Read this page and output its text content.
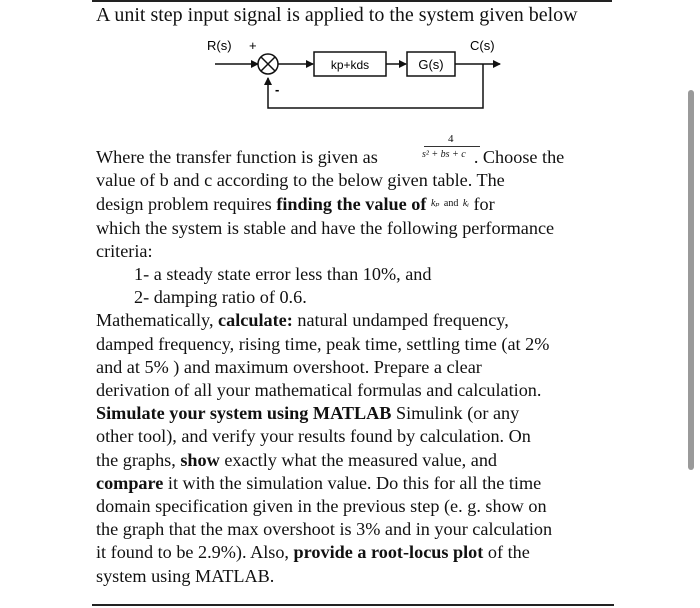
A unit step input signal is applied to the system given below
R(s) +
kp+kds	G(s)
C(s)
-
4
s² + bs + c

Where the transfer function is given as	. Choose the

value of b and c according to the below given table. The

design problem requires finding the value of $^{k_p}$ $^{and}$ $^{kᵢ}$ for

which the system is stable and have the following performance

criteria:

1- a steady state error less than 10%, and

2- damping ratio of 0.6.

Mathematically, calculate: natural undamped frequency,

damped frequency, rising time, peak time, settling time (at 2%

and at 5% ) and maximum overshoot. Prepare a clear

derivation of all your mathematical formulas and calculation.

Simulate your system using MATLAB Simulink (or any

other tool), and verify your results found by calculation. On

the graphs, show exactly what the measured value, and

compare it with the simulation value. Do this for all the time

domain specification given in the previous step (e. g. show on

the graph that the max overshoot is 3% and in your calculation

it found to be 2.9%). Also, provide a root-locus plot of the

system using MATLAB.
